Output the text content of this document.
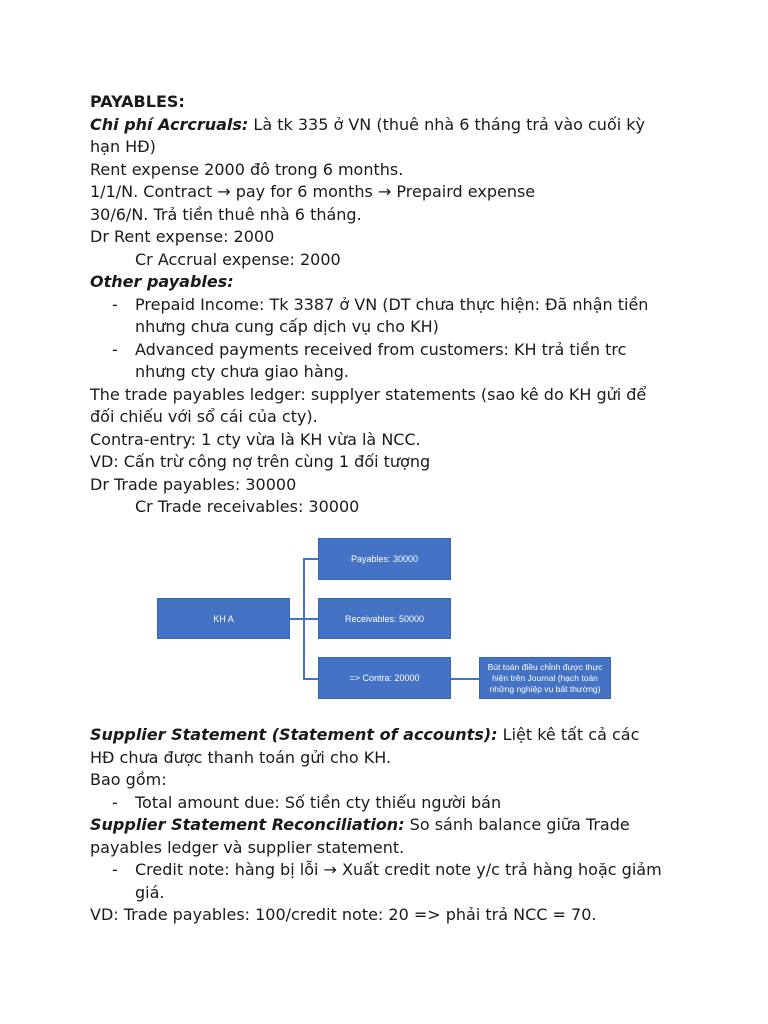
PAYABLES:
Chi phí Acrcruals: Là tk 335 ở VN (thuê nhà 6 tháng trả vào cuối kỳ
hạn HĐ)
Rent expense 2000 đô trong 6 months.
1/1/N. Contract → pay for 6 months → Prepaird expense
30/6/N. Trả tiền thuê nhà 6 tháng.
Dr Rent expense: 2000
Cr Accrual expense: 2000
Other payables:
- Prepaid Income: Tk 3387 ở VN (DT chưa thực hiện: Đã nhận tiền
nhưng chưa cung cấp dịch vụ cho KH)
- Advanced payments received from customers: KH trả tiền trc
nhưng cty chưa giao hàng.
The trade payables ledger: supplyer statements (sao kê do KH gửi để
đối chiếu với sổ cái của cty).
Contra-entry: 1 cty vừa là KH vừa là NCC.
VD: Cấn trừ công nợ trên cùng 1 đối tượng
Dr Trade payables: 30000
Cr Trade receivables: 30000
KH A
Payables: 30000
Receivables: 50000
=> Contra: 20000
Bút toán điều chỉnh được thực hiện trên Journal (hạch toán những nghiệp vụ bất thường)
Supplier Statement (Statement of accounts): Liệt kê tất cả các
HĐ chưa được thanh toán gửi cho KH.
Bao gồm:
- Total amount due: Số tiền cty thiếu người bán
Supplier Statement Reconciliation: So sánh balance giữa Trade
payables ledger và supplier statement.
- Credit note: hàng bị lỗi → Xuất credit note y/c trả hàng hoặc giảm
giá.
VD: Trade payables: 100/credit note: 20 => phải trả NCC = 70.
